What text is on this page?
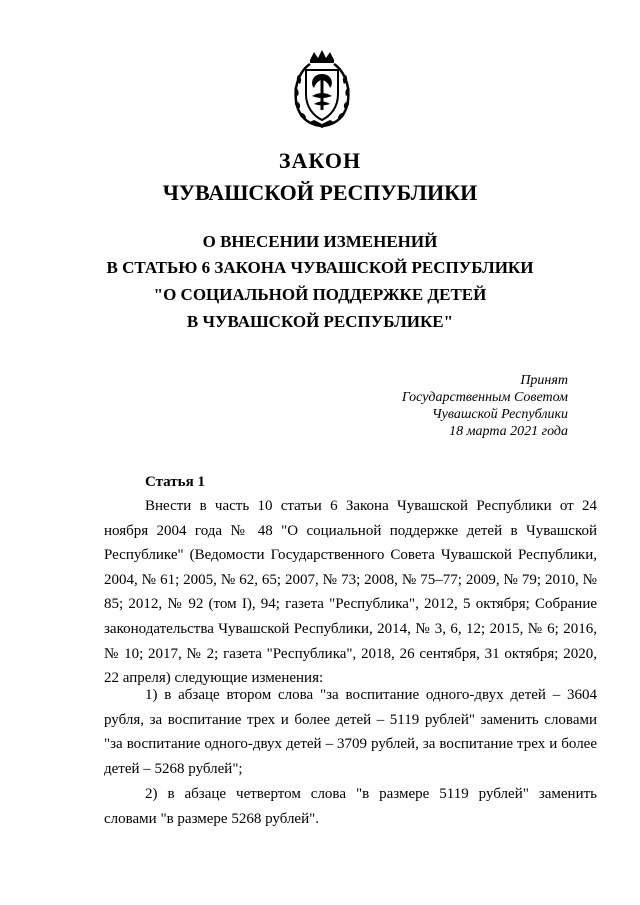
ЗАКОН
ЧУВАШСКОЙ РЕСПУБЛИКИ
О ВНЕСЕНИИ ИЗМЕНЕНИЙ
В СТАТЬЮ 6 ЗАКОНА ЧУВАШСКОЙ РЕСПУБЛИКИ
"О СОЦИАЛЬНОЙ ПОДДЕРЖКЕ ДЕТЕЙ
В ЧУВАШСКОЙ РЕСПУБЛИКЕ"
Принят
Государственным Советом
Чувашской Республики
18 марта 2021 года
Статья 1

Внести в часть 10 статьи 6 Закона Чувашской Республики от 24 ноября 2004 года № 48 "О социальной поддержке детей в Чувашской Республике" (Ведомости Государственного Совета Чувашской Республики, 2004, № 61; 2005, № 62, 65; 2007, № 73; 2008, № 75–77; 2009, № 79; 2010, № 85; 2012, № 92 (том I), 94; газета "Республика", 2012, 5 октября; Собрание законодательства Чувашской Республики, 2014, № 3, 6, 12; 2015, № 6; 2016, № 10; 2017, № 2; газета "Республика", 2018, 26 сентября, 31 октября; 2020, 22 апреля) следующие изменения:

1) в абзаце втором слова "за воспитание одного-двух детей – 3604 рубля, за воспитание трех и более детей – 5119 рублей" заменить словами "за воспитание одного-двух детей – 3709 рублей, за воспитание трех и более детей – 5268 рублей";

2) в абзаце четвертом слова "в размере 5119 рублей" заменить словами "в размере 5268 рублей".
